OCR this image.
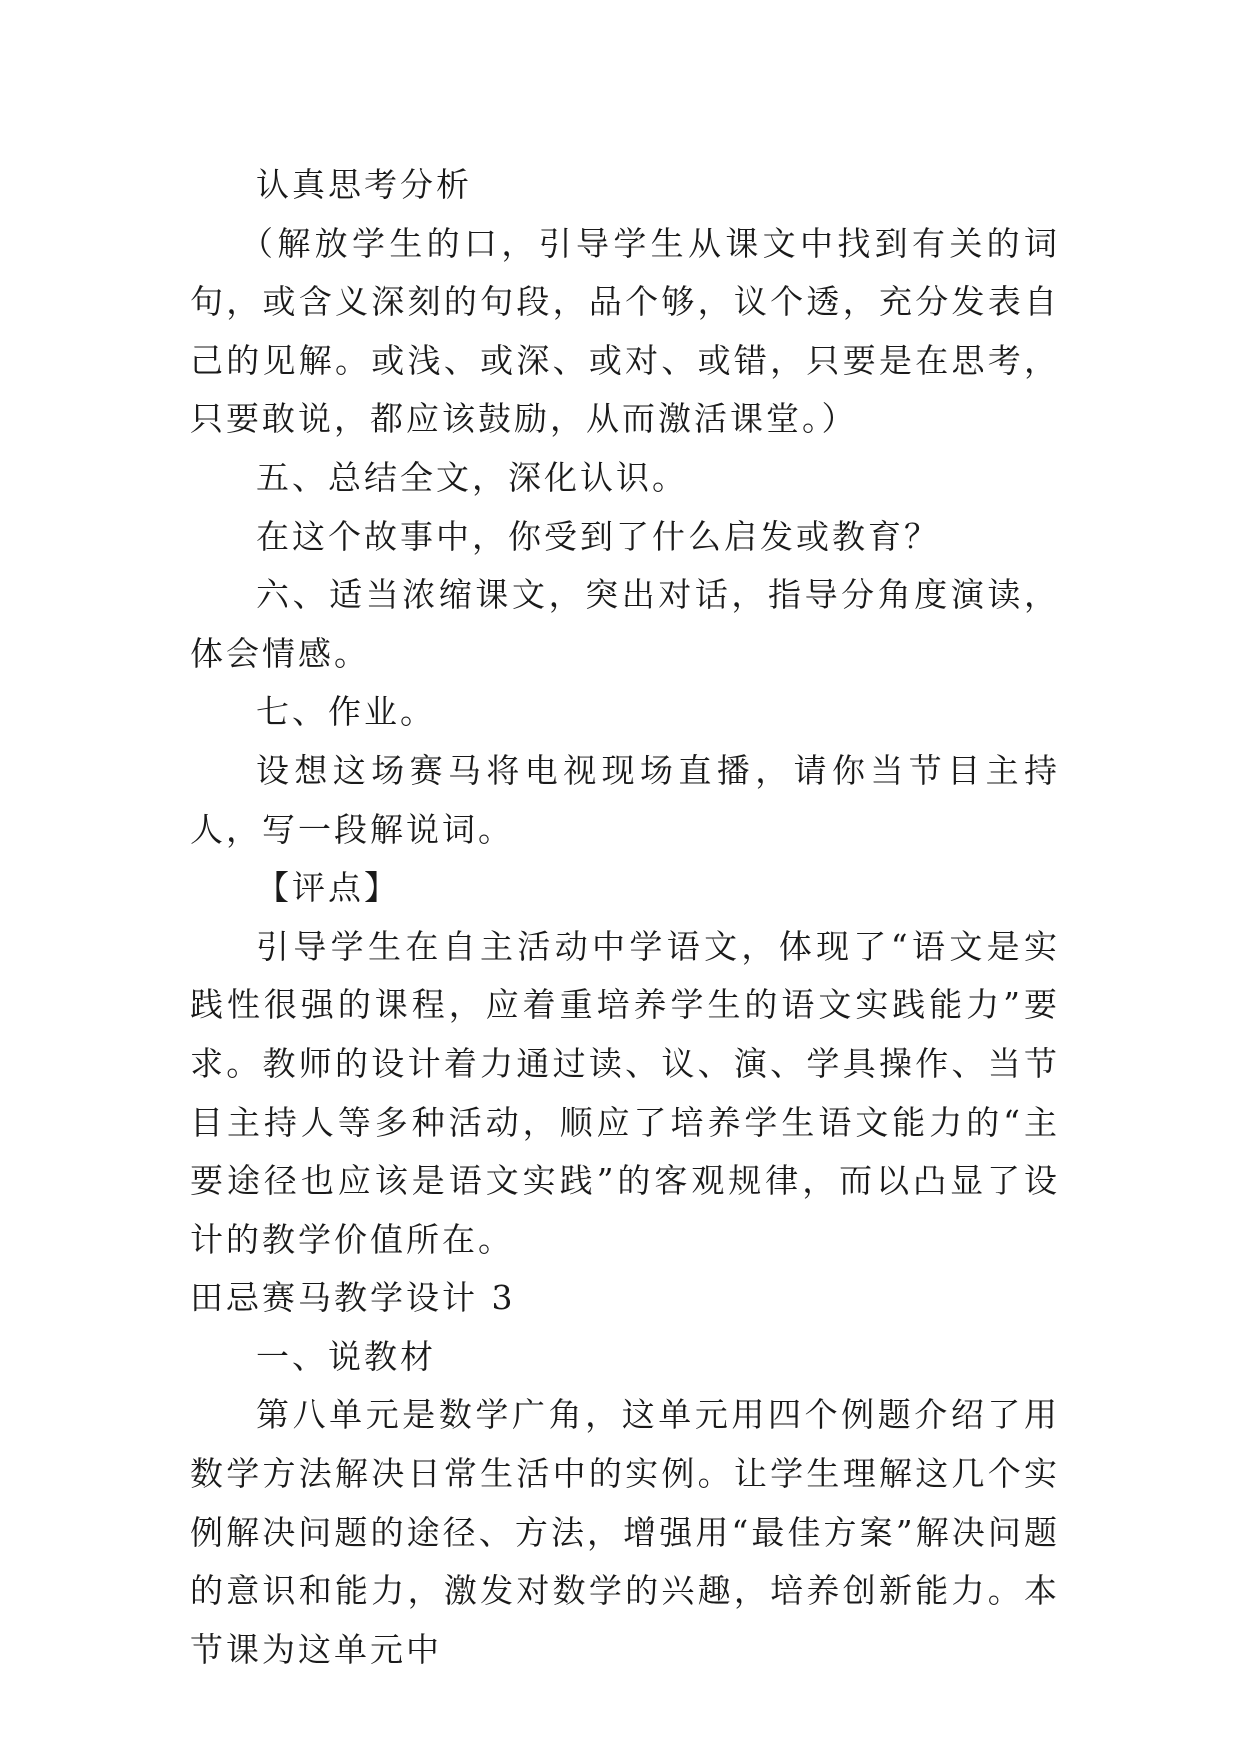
认真思考分析

（解放学生的口，引导学生从课文中找到有关的词句，或含义深刻的句段，品个够，议个透，充分发表自己的见解。或浅、或深、或对、或错，只要是在思考，只要敢说，都应该鼓励，从而激活课堂。）

五、总结全文，深化认识。

在这个故事中，你受到了什么启发或教育？

六、适当浓缩课文，突出对话，指导分角度演读，体会情感。

七、作业。

设想这场赛马将电视现场直播，请你当节目主持人，写一段解说词。

【评点】

引导学生在自主活动中学语文，体现了“语文是实践性很强的课程，应着重培养学生的语文实践能力”要求。教师的设计着力通过读、议、演、学具操作、当节目主持人等多种活动，顺应了培养学生语文能力的“主要途径也应该是语文实践”的客观规律，而以凸显了设计的教学价值所在。

田忌赛马教学设计 3

一、说教材

第八单元是数学广角，这单元用四个例题介绍了用数学方法解决日常生活中的实例。让学生理解这几个实例解决问题的途径、方法，增强用“最佳方案”解决问题的意识和能力，激发对数学的兴趣，培养创新能力。本节课为这单元中
